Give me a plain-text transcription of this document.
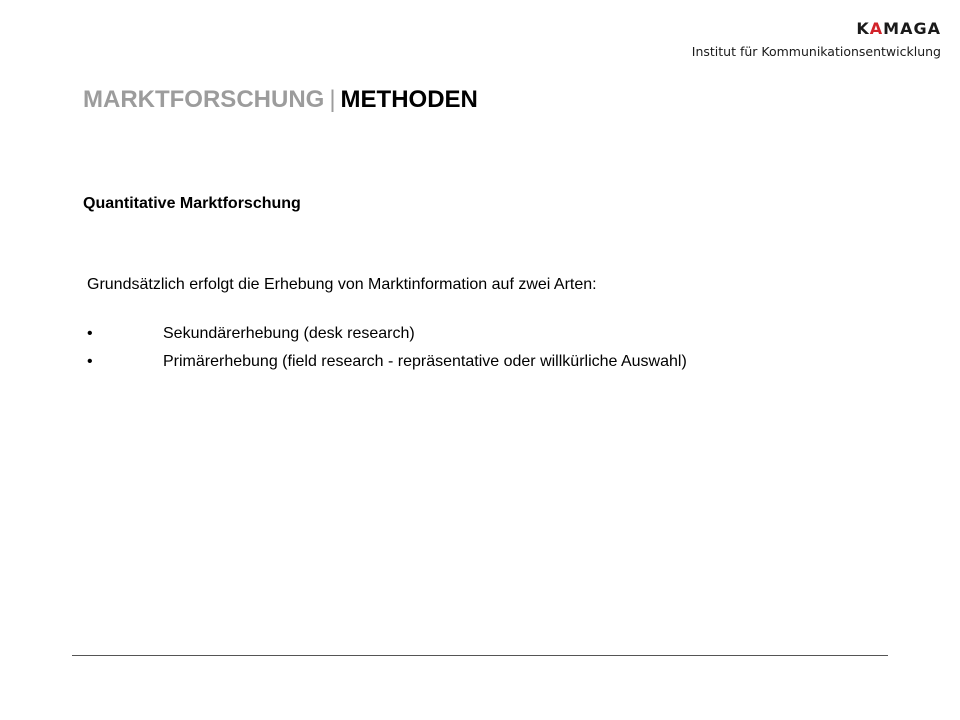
KAMAGA
Institut für Kommunikationsentwicklung
MARKTFORSCHUNG | METHODEN
Quantitative Marktforschung

Grundsätzlich erfolgt die Erhebung von Marktinformation auf zwei Arten:

•	Sekundärerhebung (desk research)
•	Primärerhebung (field research - repräsentative oder willkürliche Auswahl)
